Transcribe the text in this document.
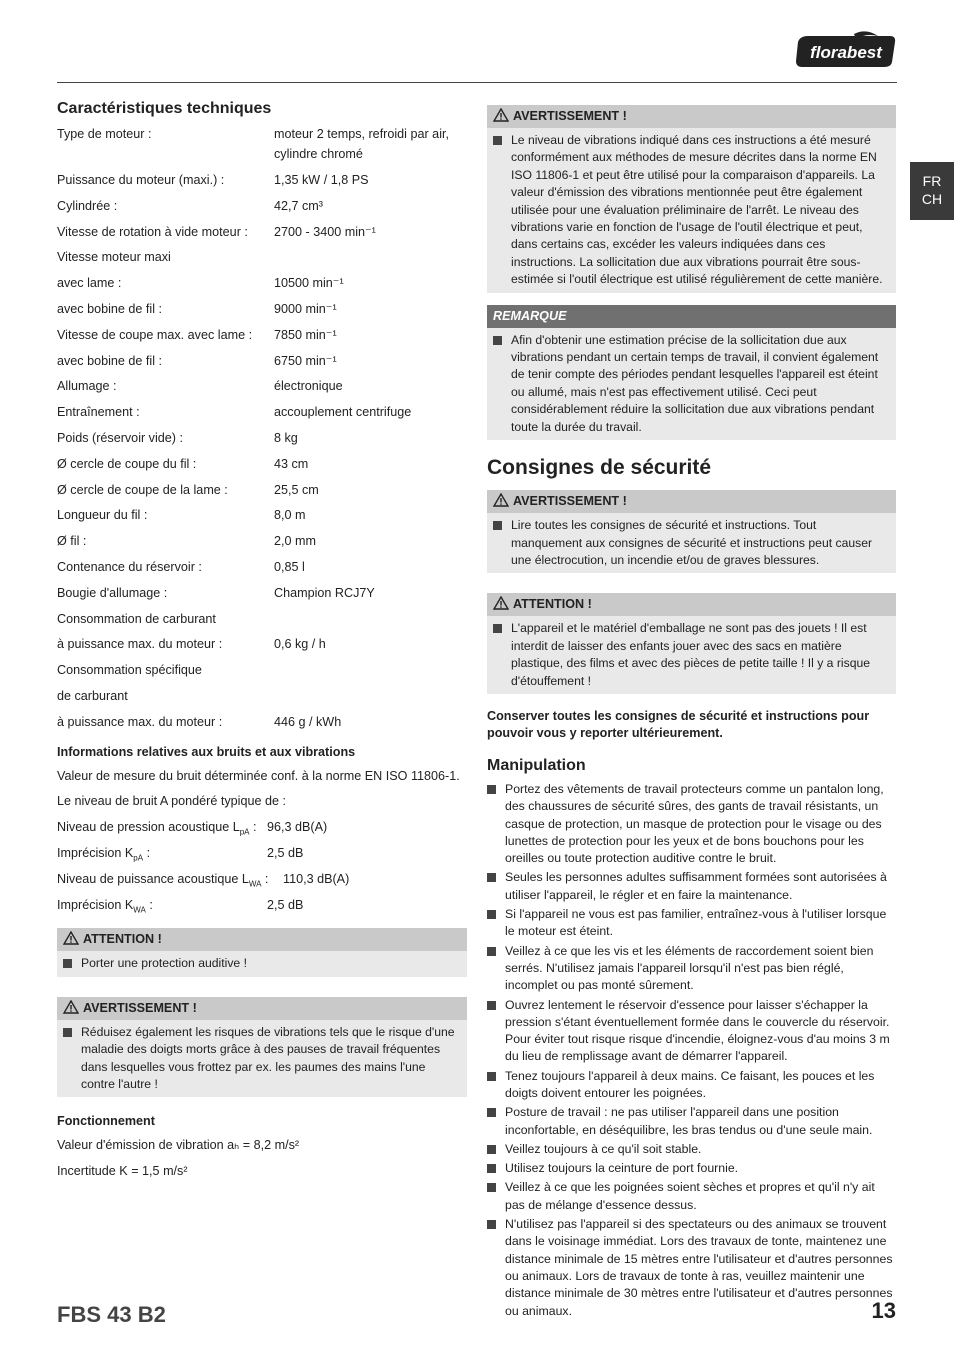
florabest
FR
CH
Caractéristiques techniques
Type de moteur :	moteur 2 temps, refroidi par air, cylindre chromé
Puissance du moteur (maxi.) :	1,35 kW / 1,8 PS
Cylindrée :	42,7 cm³
Vitesse de rotation à vide moteur :	2700 - 3400 min⁻¹
Vitesse moteur maxi
avec lame :	10500 min⁻¹
avec bobine de fil :	9000 min⁻¹
Vitesse de coupe max. avec lame :	7850 min⁻¹
avec bobine de fil :	6750 min⁻¹
Allumage :	électronique
Entraînement :	accouplement centrifuge
Poids (réservoir vide) :	8 kg
Ø cercle de coupe du fil :	43 cm
Ø cercle de coupe de la lame :	25,5 cm
Longueur du fil :	8,0 m
Ø fil :	2,0 mm
Contenance du réservoir :	0,85 l
Bougie d'allumage :	Champion RCJ7Y
Consommation de carburant
à puissance max. du moteur :	0,6 kg / h
Consommation spécifique
de carburant
à puissance max. du moteur :	446 g / kWh
Informations relatives aux bruits et aux vibrations
Valeur de mesure du bruit déterminée conf. à la norme EN ISO 11806-1.
Le niveau de bruit A pondéré typique de :
Niveau de pression acoustique $L_{pA}$ : 96,3 dB(A)
Imprécision $K_{pA}$ :	2,5 dB
Niveau de puissance acoustique $L_{WA}$ : 110,3 dB(A)
Imprécision $K_{WA}$ :	2,5 dB
ATTENTION !
Porter une protection auditive !
AVERTISSEMENT !
Réduisez également les risques de vibrations tels que le risque d'une maladie des doigts morts grâce à des pauses de travail fréquentes dans lesquelles vous frottez par ex. les paumes des mains l'une contre l'autre !
Fonctionnement
Valeur d'émission de vibration aₕ = 8,2 m/s²
Incertitude K = 1,5 m/s²
AVERTISSEMENT !
Le niveau de vibrations indiqué dans ces instructions a été mesuré conformément aux méthodes de mesure décrites dans la norme EN ISO 11806-1 et peut être utilisé pour la comparaison d'appareils. La valeur d'émission des vibrations mentionnée peut être également utilisée pour une évaluation préliminaire de l'arrêt. Le niveau des vibrations varie en fonction de l'usage de l'outil électrique et peut, dans certains cas, excéder les valeurs indiquées dans ces instructions. La sollicitation due aux vibrations pourrait être sous-estimée si l'outil électrique est utilisé régulièrement de cette manière.
REMARQUE
Afin d'obtenir une estimation précise de la sollicitation due aux vibrations pendant un certain temps de travail, il convient également de tenir compte des périodes pendant lesquelles l'appareil est éteint ou allumé, mais n'est pas effectivement utilisé. Ceci peut considérablement réduire la sollicitation due aux vibrations pendant toute la durée du travail.
Consignes de sécurité
AVERTISSEMENT !
Lire toutes les consignes de sécurité et instructions. Tout manquement aux consignes de sécurité et instructions peut causer une électrocution, un incendie et/ou de graves blessures.
ATTENTION !
L'appareil et le matériel d'emballage ne sont pas des jouets ! Il est interdit de laisser des enfants jouer avec des sacs en matière plastique, des films et avec des pièces de petite taille ! Il y a risque d'étouffement !
Conserver toutes les consignes de sécurité et instructions pour pouvoir vous y reporter ultérieurement.
Manipulation
Portez des vêtements de travail protecteurs comme un pantalon long, des chaussures de sécurité sûres, des gants de travail résistants, un casque de protection, un masque de protection pour le visage ou des lunettes de protection pour les yeux et de bons bouchons pour les oreilles ou toute protection auditive contre le bruit.
Seules les personnes adultes suffisamment formées sont autorisées à utiliser l'appareil, le régler et en faire la maintenance.
Si l'appareil ne vous est pas familier, entraînez-vous à l'utiliser lorsque le moteur est éteint.
Veillez à ce que les vis et les éléments de raccordement soient bien serrés. N'utilisez jamais l'appareil lorsqu'il n'est pas bien réglé, incomplet ou pas monté sûrement.
Ouvrez lentement le réservoir d'essence pour laisser s'échapper la pression s'étant éventuellement formée dans le couvercle du réservoir. Pour éviter tout risque risque d'incendie, éloignez-vous d'au moins 3 m du lieu de remplissage avant de démarrer l'appareil.
Tenez toujours l'appareil à deux mains. Ce faisant, les pouces et les doigts doivent entourer les poignées.
Posture de travail : ne pas utiliser l'appareil dans une position inconfortable, en déséquilibre, les bras tendus ou d'une seule main.
Veillez toujours à ce qu'il soit stable.
Utilisez toujours la ceinture de port fournie.
Veillez à ce que les poignées soient sèches et propres et qu'il n'y ait pas de mélange d'essence dessus.
N'utilisez pas l'appareil si des spectateurs ou des animaux se trouvent dans le voisinage immédiat. Lors des travaux de tonte, maintenez une distance minimale de 15 mètres entre l'utilisateur et d'autres personnes ou animaux. Lors de travaux de tonte à ras, veuillez maintenir une distance minimale de 30 mètres entre l'utilisateur et d'autres personnes ou animaux.
FBS 43 B2	13
